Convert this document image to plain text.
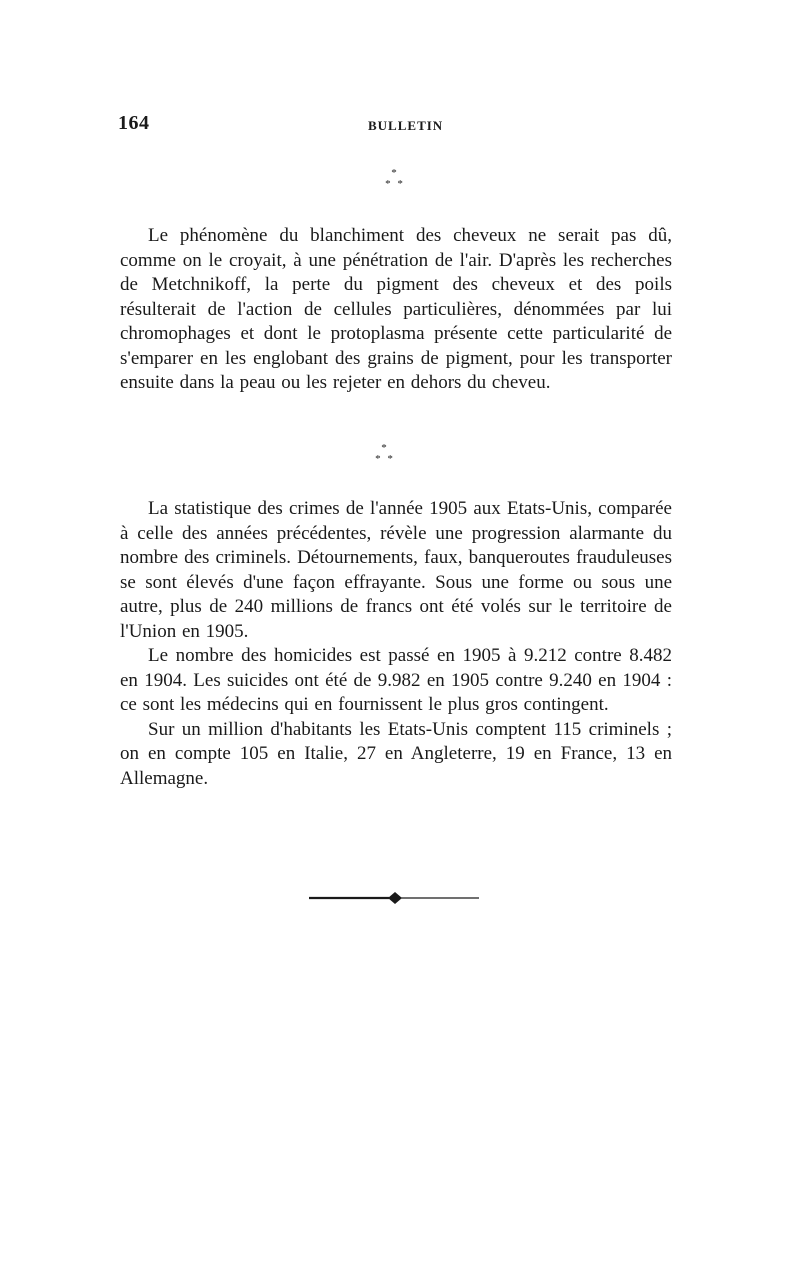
164	BULLETIN
*
* *

Le phénomène du blanchiment des cheveux ne serait pas dû, comme on le croyait, à une pénétration de l'air. D'après les recherches de Metchnikoff, la perte du pigment des cheveux et des poils résulterait de l'action de cellules particulières, dénommées par lui chromophages et dont le protoplasma présente cette particularité de s'emparer en les englobant des grains de pigment, pour les transporter ensuite dans la peau ou les rejeter en dehors du cheveu.

*
* *

La statistique des crimes de l'année 1905 aux Etats-Unis, comparée à celle des années précédentes, révèle une progression alarmante du nombre des criminels. Détournements, faux, banqueroutes frauduleuses se sont élevés d'une façon effrayante. Sous une forme ou sous une autre, plus de 240 millions de francs ont été volés sur le territoire de l'Union en 1905.

Le nombre des homicides est passé en 1905 à 9.212 contre 8.482 en 1904. Les suicides ont été de 9.982 en 1905 contre 9.240 en 1904 : ce sont les médecins qui en fournissent le plus gros contingent.

Sur un million d'habitants les Etats-Unis comptent 115 criminels ; on en compte 105 en Italie, 27 en Angleterre, 19 en France, 13 en Allemagne.
